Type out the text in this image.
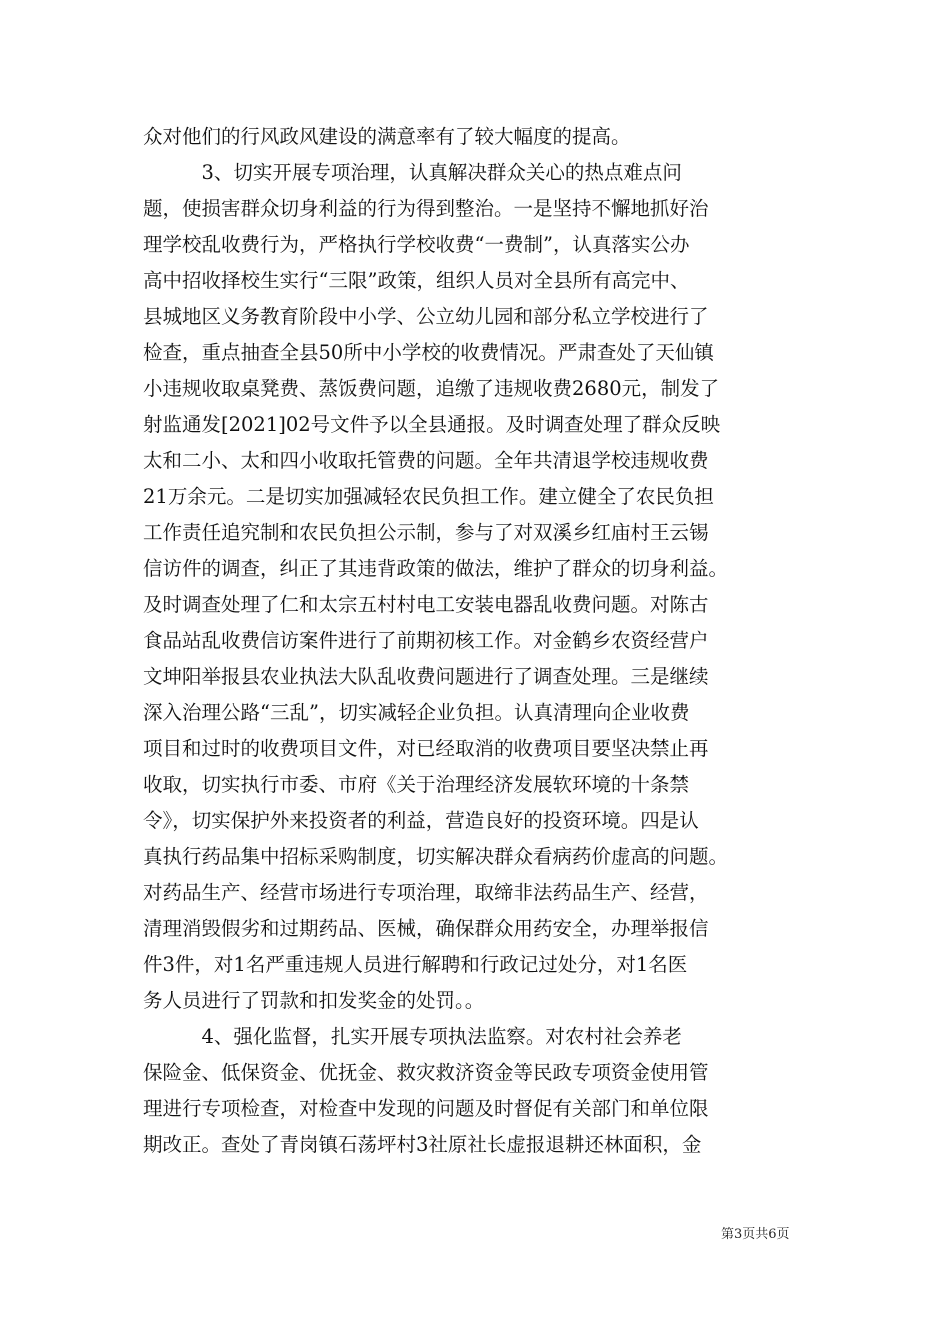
众对他们的行风政风建设的满意率有了较大幅度的提高。
　　　3、切实开展专项治理，认真解决群众关心的热点难点问
题，使损害群众切身利益的行为得到整治。一是坚持不懈地抓好治
理学校乱收费行为，严格执行学校收费“一费制”，认真落实公办
高中招收择校生实行“三限”政策，组织人员对全县所有高完中、
县城地区义务教育阶段中小学、公立幼儿园和部分私立学校进行了
检查，重点抽查全县50所中小学校的收费情况。严肃查处了天仙镇
小违规收取桌凳费、蒸饭费问题，追缴了违规收费2680元，制发了
射监通发[2021]02号文件予以全县通报。及时调查处理了群众反映
太和二小、太和四小收取托管费的问题。全年共清退学校违规收费
21万余元。二是切实加强减轻农民负担工作。建立健全了农民负担
工作责任追究制和农民负担公示制，参与了对双溪乡红庙村王云锡
信访件的调查，纠正了其违背政策的做法，维护了群众的切身利益。
及时调查处理了仁和太宗五村村电工安装电器乱收费问题。对陈古
食品站乱收费信访案件进行了前期初核工作。对金鹤乡农资经营户
文坤阳举报县农业执法大队乱收费问题进行了调查处理。三是继续
深入治理公路“三乱”，切实减轻企业负担。认真清理向企业收费
项目和过时的收费项目文件，对已经取消的收费项目要坚决禁止再
收取，切实执行市委、市府《关于治理经济发展软环境的十条禁
令》，切实保护外来投资者的利益，营造良好的投资环境。四是认
真执行药品集中招标采购制度，切实解决群众看病药价虚高的问题。
对药品生产、经营市场进行专项治理，取缔非法药品生产、经营，
清理消毁假劣和过期药品、医械，确保群众用药安全，办理举报信
件3件，对1名严重违规人员进行解聘和行政记过处分，对1名医
务人员进行了罚款和扣发奖金的处罚。。
　　　4、强化监督，扎实开展专项执法监察。对农村社会养老
保险金、低保资金、优抚金、救灾救济资金等民政专项资金使用管
理进行专项检查，对检查中发现的问题及时督促有关部门和单位限
期改正。查处了青岗镇石荡坪村3社原社长虚报退耕还林面积，金
第3页共6页
